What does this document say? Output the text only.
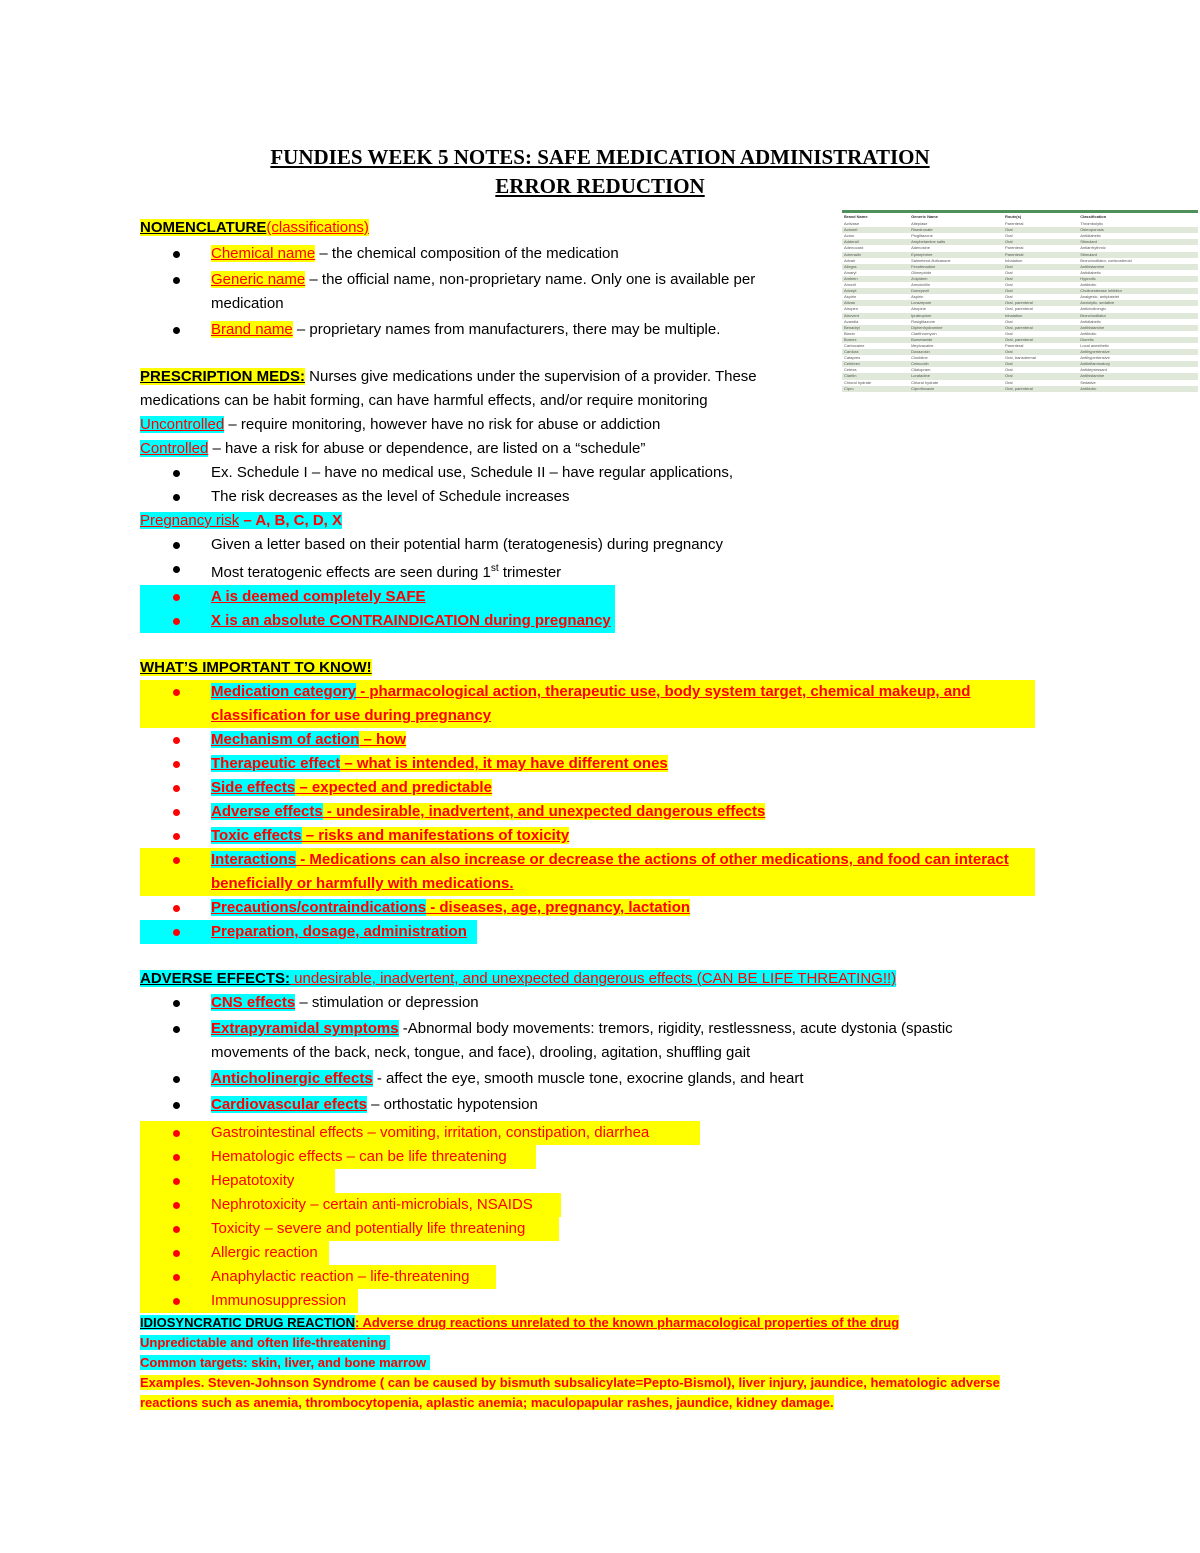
FUNDIES WEEK 5 NOTES: SAFE MEDICATION ADMINISTRATION
ERROR REDUCTION
Brand Name	Generic Name	Route(s)	Classification
Activase	Alteplase	Parenteral	Thrombolytic
Actonel	Risedronate	Oral	Osteoporosis
Actos	Pioglitazone	Oral	Antidiabetic
Adderall	Amphetamine salts	Oral	Stimulant
Adenocard	Adenosine	Parenteral	Antiarrhythmic
Adrenalin	Epinephrine	Parenteral	Stimulant
Advair	Salmeterol-fluticasone	Inhalation	Bronchodilator, corticosteroid
Allegra	Fexofenadine	Oral	Antihistamine
Amaryl	Glimepiride	Oral	Antidiabetic
Ambien	Zolpidem	Oral	Hypnotic
Amoxil	Amoxicillin	Oral	Antibiotic
Aricept	Donepezil	Oral	Cholinesterase inhibitor
Aspirin	Aspirin	Oral	Analgesic, antiplatelet
Ativan	Lorazepam	Oral, parenteral	Anxiolytic, sedative
Atropen	Atropine	Oral, parenteral	Anticholinergic
Atrovent	Ipratropium	Inhalation	Bronchodilator
Avandia	Rosiglitazone	Oral	Antidiabetic
Benadryl	Diphenhydramine	Oral, parenteral	Antihistamine
Biaxin	Clarithromycin	Oral	Antibiotic
Bumex	Bumetanide	Oral, parenteral	Diuretic
Carbocaine	Mepivacaine	Parenteral	Local anesthetic
Cardura	Doxazosin	Oral	Antihypertensive
Catapres	Clonidine	Oral, transdermal	Antihypertensive
Celebrex	Celecoxib	Oral	Antiinflammatory
Celexa	Citalopram	Oral	Antidepressant
Claritin	Loratadine	Oral	Antihistamine
Chloral hydrate	Chloral hydrate	Oral	Sedative
Cipro	Ciprofloxacin	Oral, parenteral	Antibiotic
NOMENCLATURE(classifications)
Chemical name – the chemical composition of the medication
Generic name – the official name, non-proprietary name. Only one is available per medication
Brand name – proprietary names from manufacturers, there may be multiple.
PRESCRIPTION MEDS: Nurses give medications under the supervision of a provider. These medications can be habit forming, can have harmful effects, and/or require monitoring
Uncontrolled – require monitoring, however have no risk for abuse or addiction
Controlled – have a risk for abuse or dependence, are listed on a “schedule”
Ex. Schedule I – have no medical use, Schedule II – have regular applications,
The risk decreases as the level of Schedule increases
Pregnancy risk – A, B, C, D, X
Given a letter based on their potential harm (teratogenesis) during pregnancy
Most teratogenic effects are seen during 1st trimester
A is deemed completely SAFE
X is an absolute CONTRAINDICATION during pregnancy
WHAT’S IMPORTANT TO KNOW!
Medication category - pharmacological action, therapeutic use, body system target, chemical makeup, and classification for use during pregnancy
Mechanism of action – how
Therapeutic effect – what is intended, it may have different ones
Side effects – expected and predictable
Adverse effects - undesirable, inadvertent, and unexpected dangerous effects
Toxic effects – risks and manifestations of toxicity
Interactions - Medications can also increase or decrease the actions of other medications, and food can interact beneficially or harmfully with medications.
Precautions/contraindications - diseases, age, pregnancy, lactation
Preparation, dosage, administration
ADVERSE EFFECTS: undesirable, inadvertent, and unexpected dangerous effects (CAN BE LIFE THREATING!!)
CNS effects – stimulation or depression
Extrapyramidal symptoms -Abnormal body movements: tremors, rigidity, restlessness, acute dystonia (spastic movements of the back, neck, tongue, and face), drooling, agitation, shuffling gait
Anticholinergic effects - affect the eye, smooth muscle tone, exocrine glands, and heart
Cardiovascular efects – orthostatic hypotension
Gastrointestinal effects – vomiting, irritation, constipation, diarrhea
Hematologic effects – can be life threatening
Hepatotoxity
Nephrotoxicity – certain anti-microbials, NSAIDS
Toxicity – severe and potentially life threatening
Allergic reaction
Anaphylactic reaction – life-threatening
Immunosuppression
IDIOSYNCRATIC DRUG REACTION: Adverse drug reactions unrelated to the known pharmacological properties of the drug
Unpredictable and often life-threatening
Common targets: skin, liver, and bone marrow
Examples. Steven-Johnson Syndrome ( can be caused by bismuth subsalicylate=Pepto-Bismol), liver injury, jaundice, hematologic adverse reactions such as anemia, thrombocytopenia, aplastic anemia; maculopapular rashes, jaundice, kidney damage.
